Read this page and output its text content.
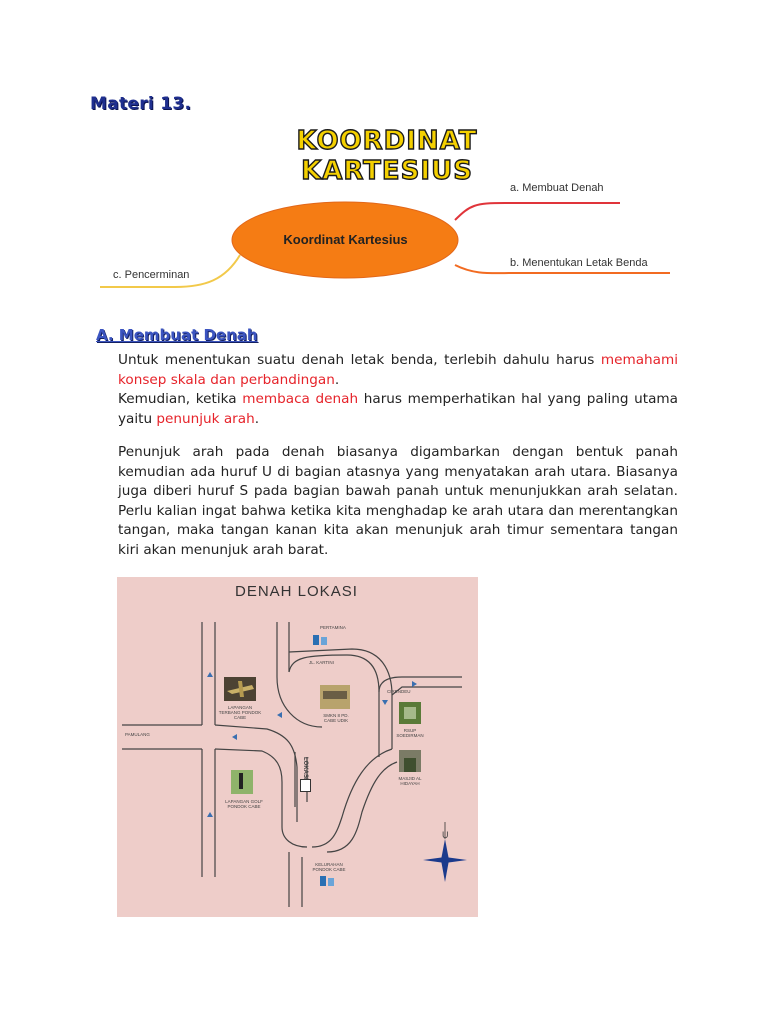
Materi 13.
KOORDINAT KARTESIUS
Koordinat Kartesius
a. Membuat Denah
b. Menentukan Letak Benda
c. Pencerminan
A. Membuat Denah
Untuk menentukan suatu denah letak benda, terlebih dahulu harus memahami konsep skala dan perbandingan.
Kemudian, ketika membaca denah harus memperhatikan hal yang paling utama yaitu penunjuk arah.
Penunjuk arah pada denah biasanya digambarkan dengan bentuk panah kemudian ada huruf U di bagian atasnya yang menyatakan arah utara. Biasanya juga diberi huruf S pada bagian bawah panah untuk menunjukkan arah selatan. Perlu kalian ingat bahwa ketika kita menghadap ke arah utara dan merentangkan tangan, maka tangan kanan kita akan menunjuk arah timur sementara tangan kiri akan menunjuk arah barat.
DENAH LOKASI
U
PERTAMINA
JL. KARTINI
LAPANGAN TERBANG PONDOK CABE	SMKN 8 PD. CABE UDIK
LAPANGAN GOLF PONDOK CABE
RSUP SOEDIRMAN
MASJID AL HIDAYAH
KELURAHAN PONDOK CABE
PAMULANG
CIRENDEU
LOKASI
